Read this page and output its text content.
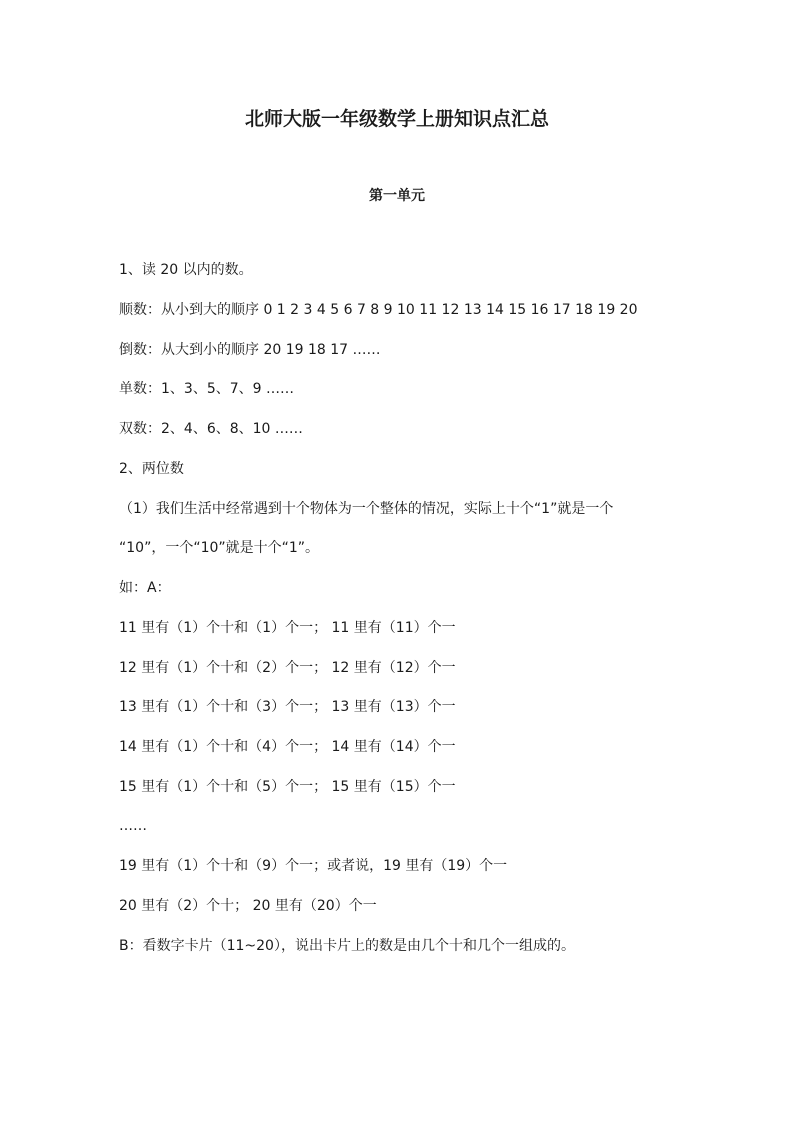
北师大版一年级数学上册知识点汇总
第一单元

1、读 20 以内的数。

顺数：从小到大的顺序 0 1 2 3 4 5 6 7 8 9 10 11 12 13 14 15 16 17 18 19 20

倒数：从大到小的顺序 20 19 18 17 ……

单数：1、3、5、7、9 ……

双数：2、4、6、8、10 ……

2、两位数

（1）我们生活中经常遇到十个物体为一个整体的情况，实际上十个“1”就是一个

“10”，一个“10”就是十个“1”。

如：A：

11 里有（1）个十和（1）个一； 11 里有（11）个一

12 里有（1）个十和（2）个一； 12 里有（12）个一

13 里有（1）个十和（3）个一； 13 里有（13）个一

14 里有（1）个十和（4）个一； 14 里有（14）个一

15 里有（1）个十和（5）个一； 15 里有（15）个一

……

19 里有（1）个十和（9）个一；或者说，19 里有（19）个一

20 里有（2）个十； 20 里有（20）个一

B：看数字卡片（11~20），说出卡片上的数是由几个十和几个一组成的。
